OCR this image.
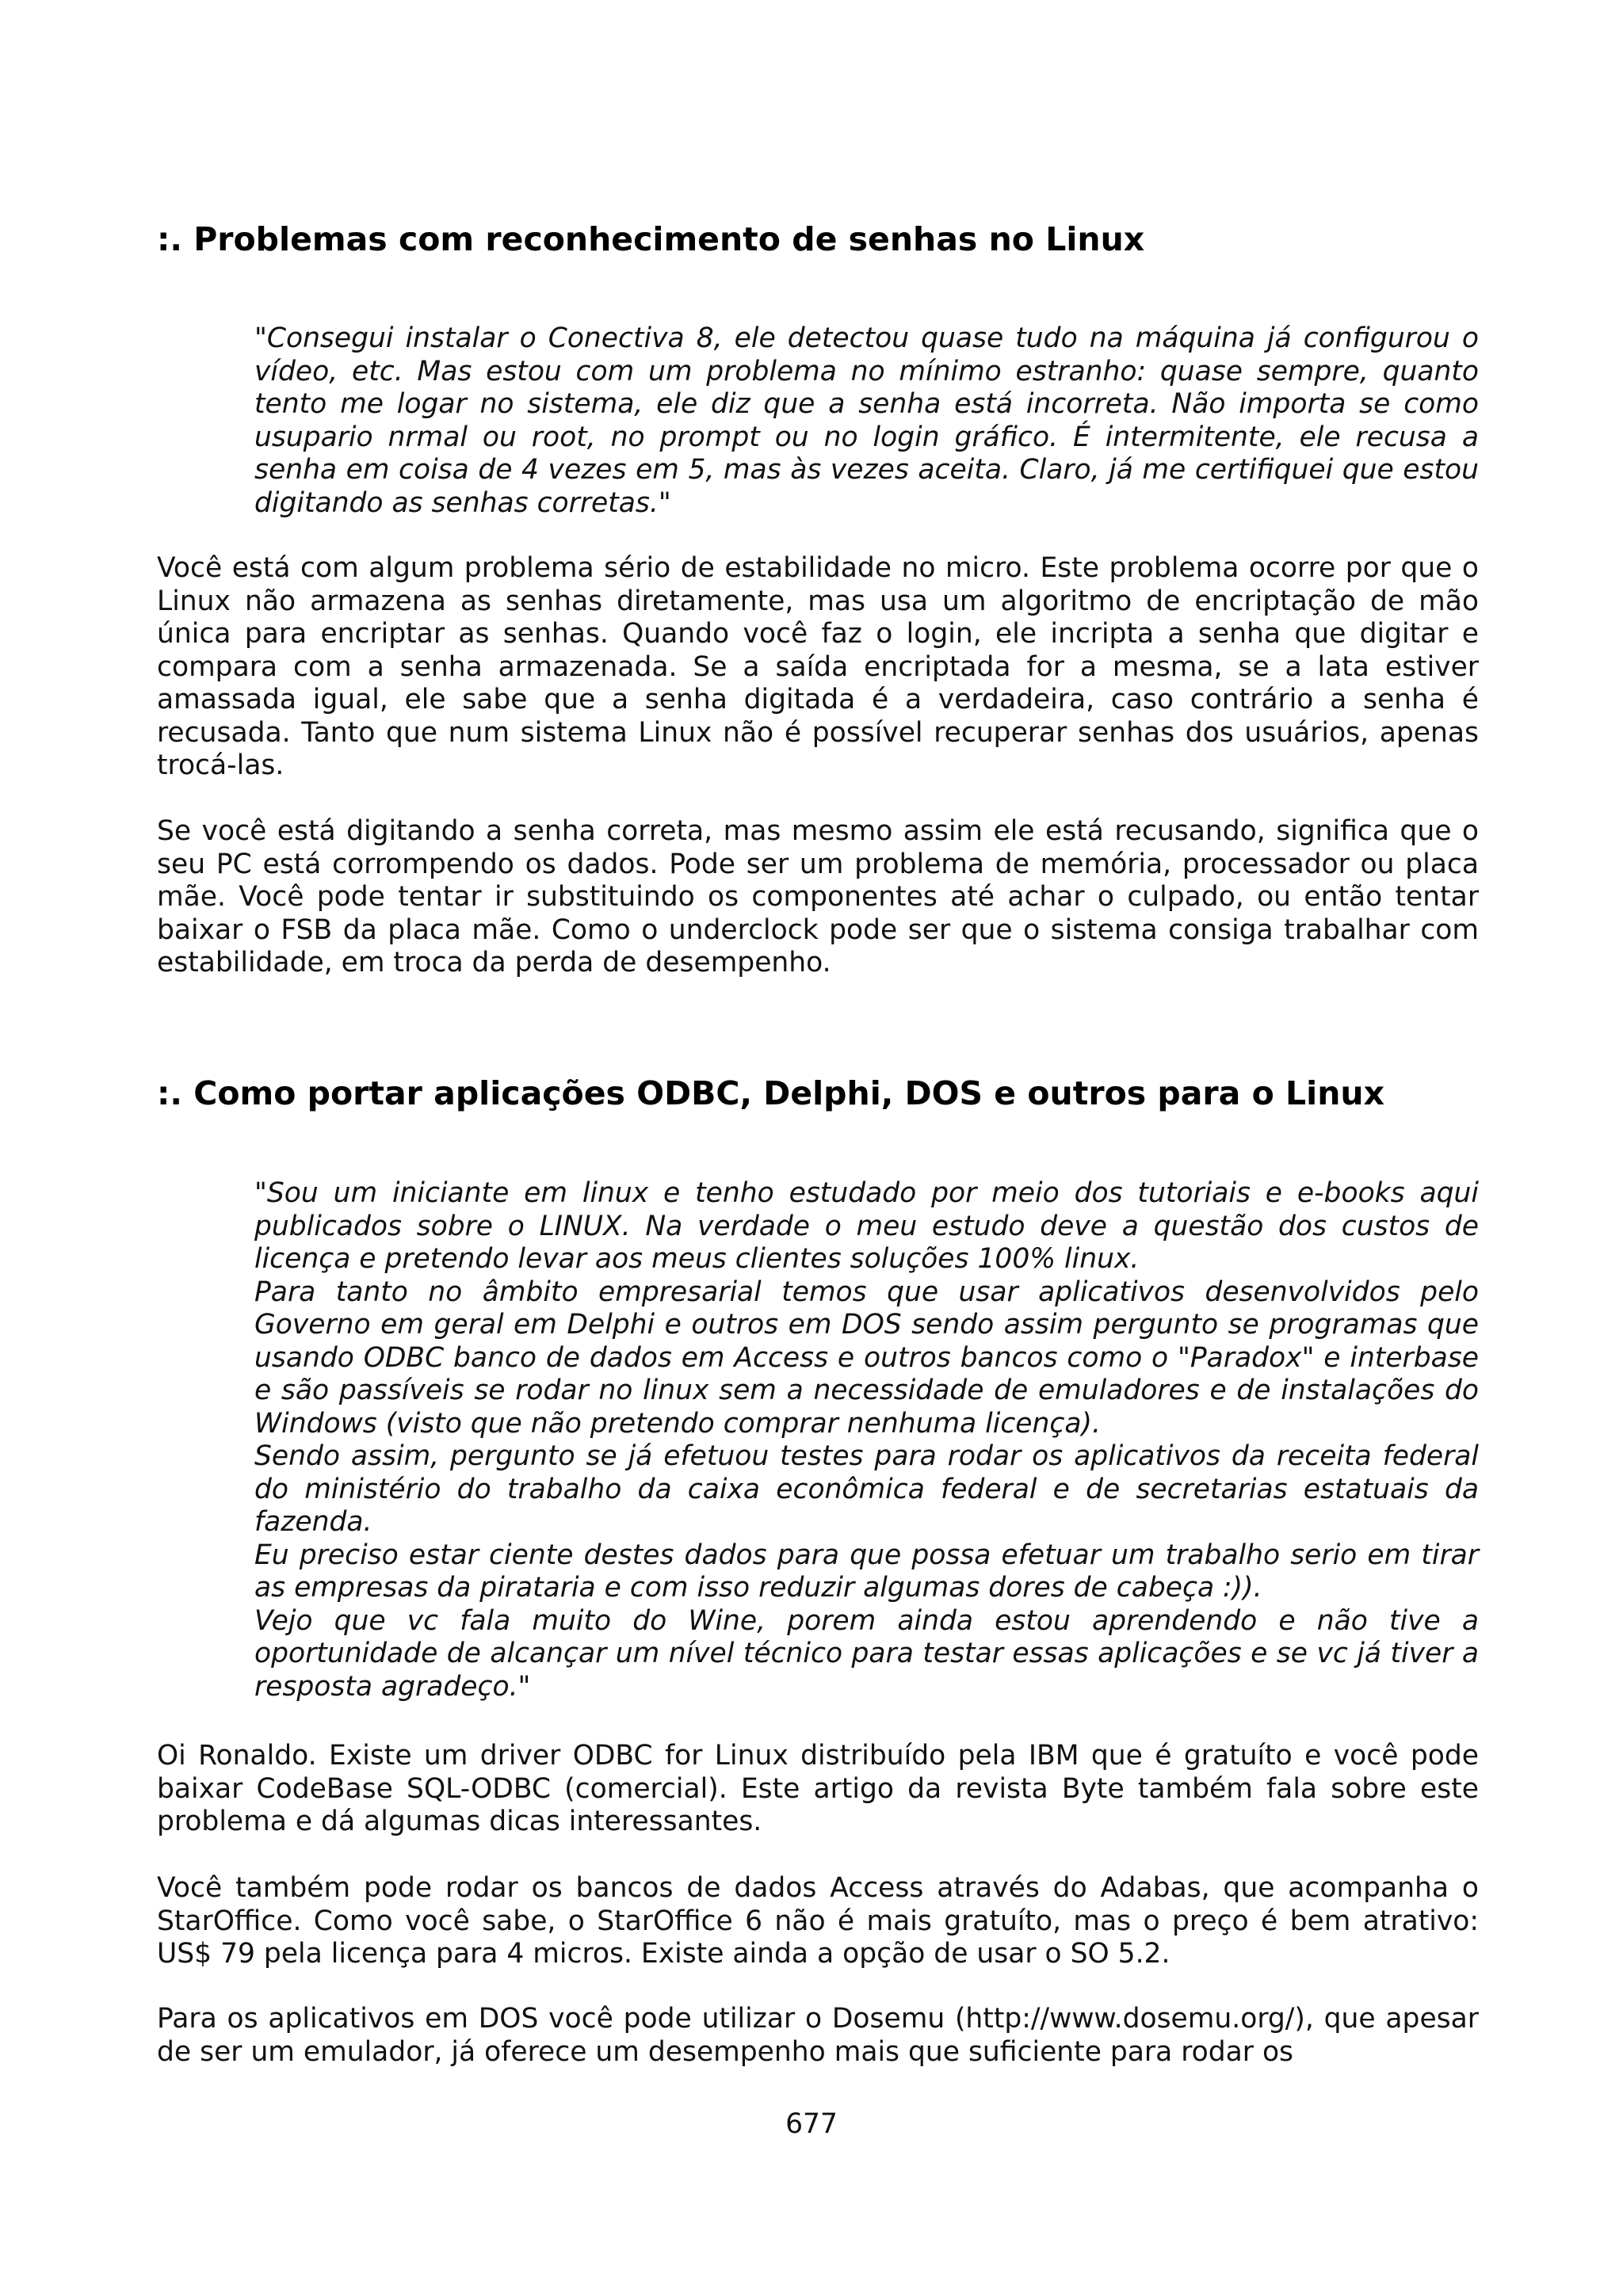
:. Problemas com reconhecimento de senhas no Linux

"Consegui instalar o Conectiva 8, ele detectou quase tudo na máquina já configurou o vídeo, etc. Mas estou com um problema no mínimo estranho: quase sempre, quanto tento me logar no sistema, ele diz que a senha está incorreta. Não importa se como usupario nrmal ou root, no prompt ou no login gráfico. É intermitente, ele recusa a senha em coisa de 4 vezes em 5, mas às vezes aceita. Claro, já me certifiquei que estou digitando as senhas corretas."

Você está com algum problema sério de estabilidade no micro. Este problema ocorre por que o Linux não armazena as senhas diretamente, mas usa um algoritmo de encriptação de mão única para encriptar as senhas. Quando você faz o login, ele incripta a senha que digitar e compara com a senha armazenada. Se a saída encriptada for a mesma, se a lata estiver amassada igual, ele sabe que a senha digitada é a verdadeira, caso contrário a senha é recusada. Tanto que num sistema Linux não é possível recuperar senhas dos usuários, apenas trocá-las.

Se você está digitando a senha correta, mas mesmo assim ele está recusando, significa que o seu PC está corrompendo os dados. Pode ser um problema de memória, processador ou placa mãe. Você pode tentar ir substituindo os componentes até achar o culpado, ou então tentar baixar o FSB da placa mãe. Como o underclock pode ser que o sistema consiga trabalhar com estabilidade, em troca da perda de desempenho.

:. Como portar aplicações ODBC, Delphi, DOS e outros para o Linux

"Sou um iniciante em linux e tenho estudado por meio dos tutoriais e e-books aqui publicados sobre o LINUX. Na verdade o meu estudo deve a questão dos custos de licença e pretendo levar aos meus clientes soluções 100% linux.

Para tanto no âmbito empresarial temos que usar aplicativos desenvolvidos pelo Governo em geral em Delphi e outros em DOS sendo assim pergunto se programas que usando ODBC banco de dados em Access e outros bancos como o "Paradox" e interbase e são passíveis se rodar no linux sem a necessidade de emuladores e de instalações do Windows (visto que não pretendo comprar nenhuma licença).

Sendo assim, pergunto se já efetuou testes para rodar os aplicativos da receita federal do ministério do trabalho da caixa econômica federal e de secretarias estatuais da fazenda.

Eu preciso estar ciente destes dados para que possa efetuar um trabalho serio em tirar as empresas da pirataria e com isso reduzir algumas dores de cabeça :)).

Vejo que vc fala muito do Wine, porem ainda estou aprendendo e não tive a oportunidade de alcançar um nível técnico para testar essas aplicações e se vc já tiver a resposta agradeço."

Oi Ronaldo. Existe um driver ODBC for Linux distribuído pela IBM que é gratuíto e você pode baixar CodeBase SQL-ODBC (comercial). Este artigo da revista Byte também fala sobre este problema e dá algumas dicas interessantes.

Você também pode rodar os bancos de dados Access através do Adabas, que acompanha o StarOffice. Como você sabe, o StarOffice 6 não é mais gratuíto, mas o preço é bem atrativo: US$ 79 pela licença para 4 micros. Existe ainda a opção de usar o SO 5.2.

Para os aplicativos em DOS você pode utilizar o Dosemu (http://www.dosemu.org/), que apesar de ser um emulador, já oferece um desempenho mais que suficiente para rodar os

677
